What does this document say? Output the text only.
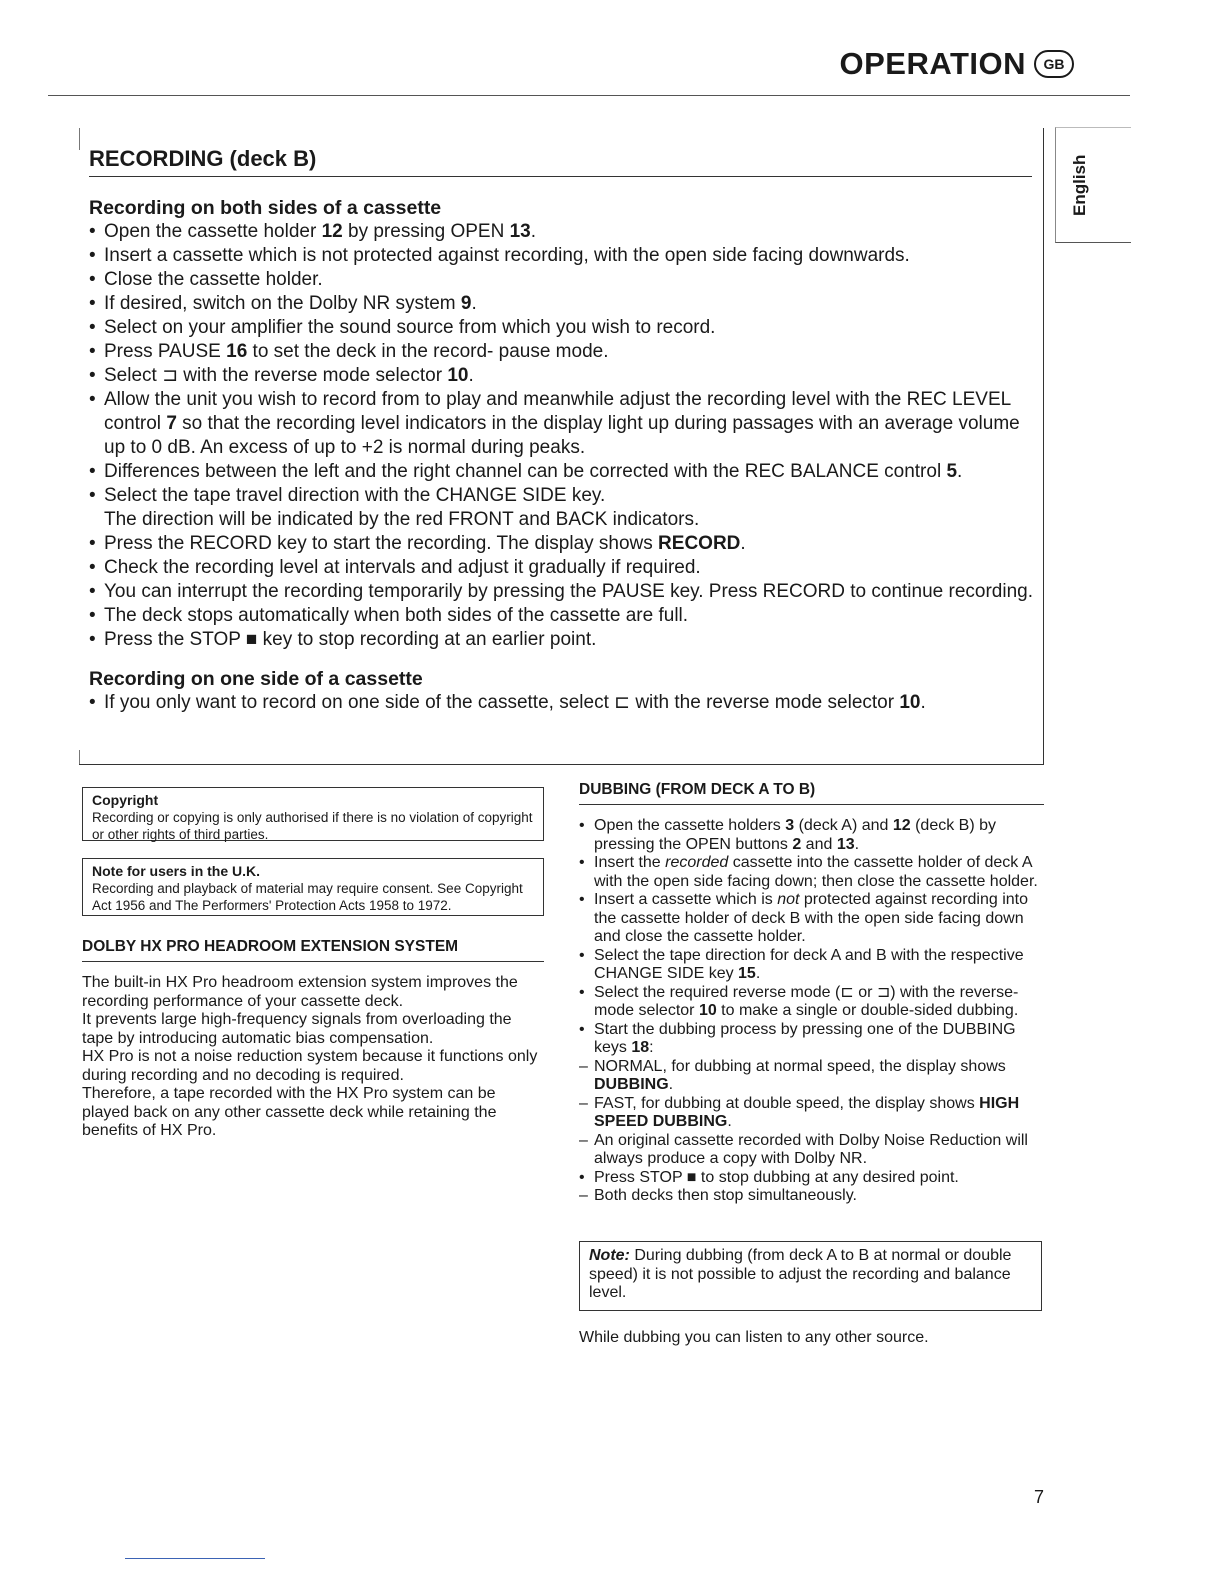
OPERATION	GB
English
RECORDING (deck B)

Recording on both sides of a cassette

• Open the cassette holder 12 by pressing OPEN 13.
• Insert a cassette which is not protected against recording, with the open side facing downwards.
• Close the cassette holder.
• If desired, switch on the Dolby NR system 9.
• Select on your amplifier the sound source from which you wish to record.
• Press PAUSE 16 to set the deck in the record- pause mode.
• Select ⊐ with the reverse mode selector 10.
• Allow the unit you wish to record from to play and meanwhile adjust the recording level with the REC LEVEL control 7 so that the recording level indicators in the display light up during passages with an average volume up to 0 dB. An excess of up to +2 is normal during peaks.
• Differences between the left and the right channel can be corrected with the REC BALANCE control 5.
• Select the tape travel direction with the CHANGE SIDE key.
The direction will be indicated by the red FRONT and BACK indicators.
• Press the RECORD key to start the recording. The display shows RECORD.
• Check the recording level at intervals and adjust it gradually if required.
• You can interrupt the recording temporarily by pressing the PAUSE key. Press RECORD to continue recording.
• The deck stops automatically when both sides of the cassette are full.
• Press the STOP ■ key to stop recording at an earlier point.

Recording on one side of a cassette

• If you only want to record on one side of the cassette, select ⊏ with the reverse mode selector 10.
Copyright
Recording or copying is only authorised if there is no violation of copyright or other rights of third parties.
Note for users in the U.K.
Recording and playback of material may require consent. See Copyright Act 1956 and The Performers' Protection Acts 1958 to 1972.
DOLBY HX PRO HEADROOM EXTENSION SYSTEM
The built-in HX Pro headroom extension system improves the recording performance of your cassette deck.
It prevents large high-frequency signals from overloading the tape by introducing automatic bias compensation.
HX Pro is not a noise reduction system because it functions only during recording and no decoding is required.
Therefore, a tape recorded with the HX Pro system can be played back on any other cassette deck while retaining the benefits of HX Pro.
DUBBING (FROM DECK A TO B)
• Open the cassette holders 3 (deck A) and 12 (deck B) by pressing the OPEN buttons 2 and 13.
• Insert the recorded cassette into the cassette holder of deck A with the open side facing down; then close the cassette holder.
• Insert a cassette which is not protected against recording into the cassette holder of deck B with the open side facing down and close the cassette holder.
• Select the tape direction for deck A and B with the respective CHANGE SIDE key 15.
• Select the required reverse mode (⊏ or ⊐) with the reverse-mode selector 10 to make a single or double-sided dubbing.
• Start the dubbing process by pressing one of the DUBBING keys 18:
– NORMAL, for dubbing at normal speed, the display shows DUBBING.
– FAST, for dubbing at double speed, the display shows HIGH SPEED DUBBING.
– An original cassette recorded with Dolby Noise Reduction will always produce a copy with Dolby NR.
• Press STOP ■ to stop dubbing at any desired point.
– Both decks then stop simultaneously.
Note: During dubbing (from deck A to B at normal or double speed) it is not possible to adjust the recording and balance level.
While dubbing you can listen to any other source.
7
